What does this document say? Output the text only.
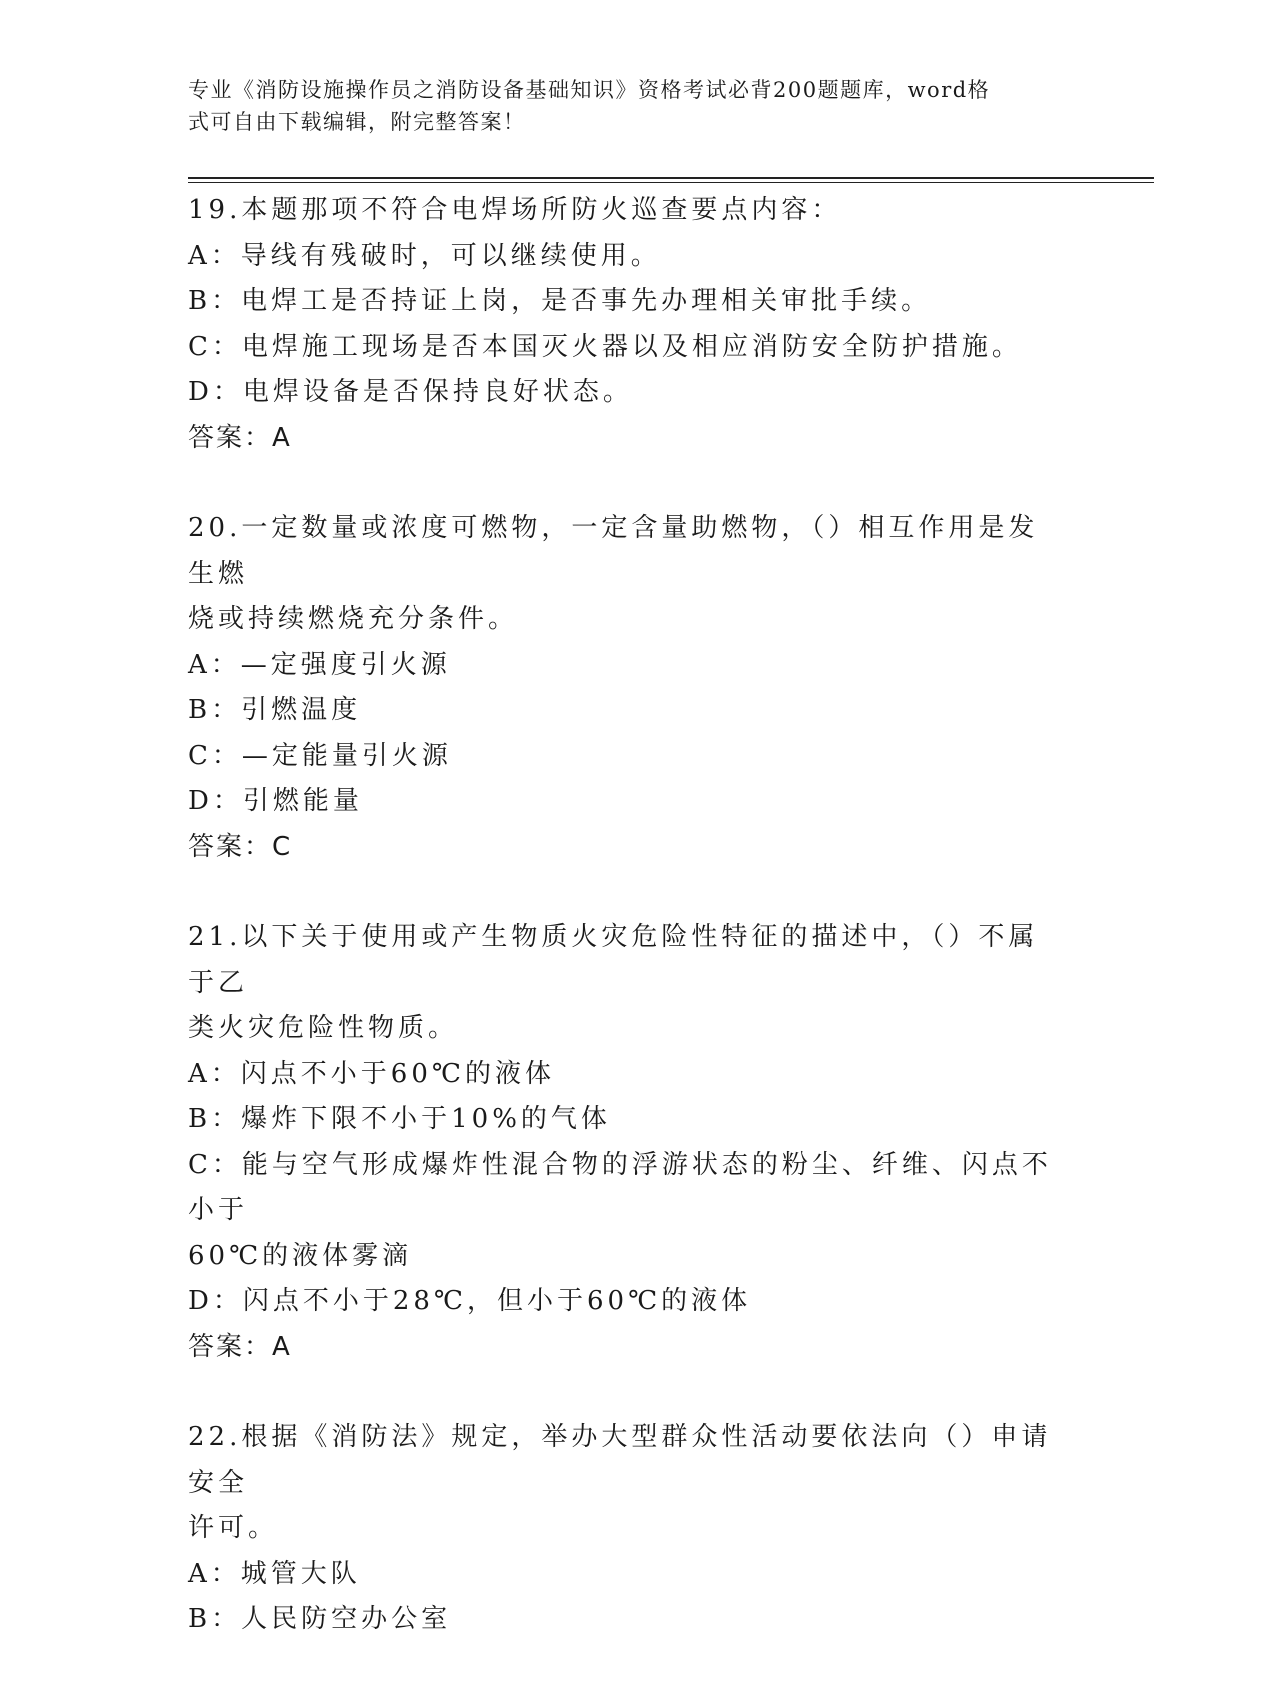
专业《消防设施操作员之消防设备基础知识》资格考试必背200题题库，word格
式可自由下载编辑，附完整答案！

19.本题那项不符合电焊场所防火巡查要点内容：

A：导线有残破时，可以继续使用。

B：电焊工是否持证上岗，是否事先办理相关审批手续。

C：电焊施工现场是否本国灭火器以及相应消防安全防护措施。

D：电焊设备是否保持良好状态。

答案：A

20.一定数量或浓度可燃物，一定含量助燃物，（）相互作用是发生燃

烧或持续燃烧充分条件。

A：—定强度引火源

B：引燃温度

C：—定能量引火源

D：引燃能量

答案：C

21.以下关于使用或产生物质火灾危险性特征的描述中，（）不属于乙

类火灾危险性物质。

A：闪点不小于60℃的液体

B：爆炸下限不小于10%的气体

C：能与空气形成爆炸性混合物的浮游状态的粉尘、纤维、闪点不小于

60℃的液体雾滴

D：闪点不小于28℃，但小于60℃的液体

答案：A

22.根据《消防法》规定，举办大型群众性活动要依法向（）申请安全

许可。

A：城管大队

B：人民防空办公室
